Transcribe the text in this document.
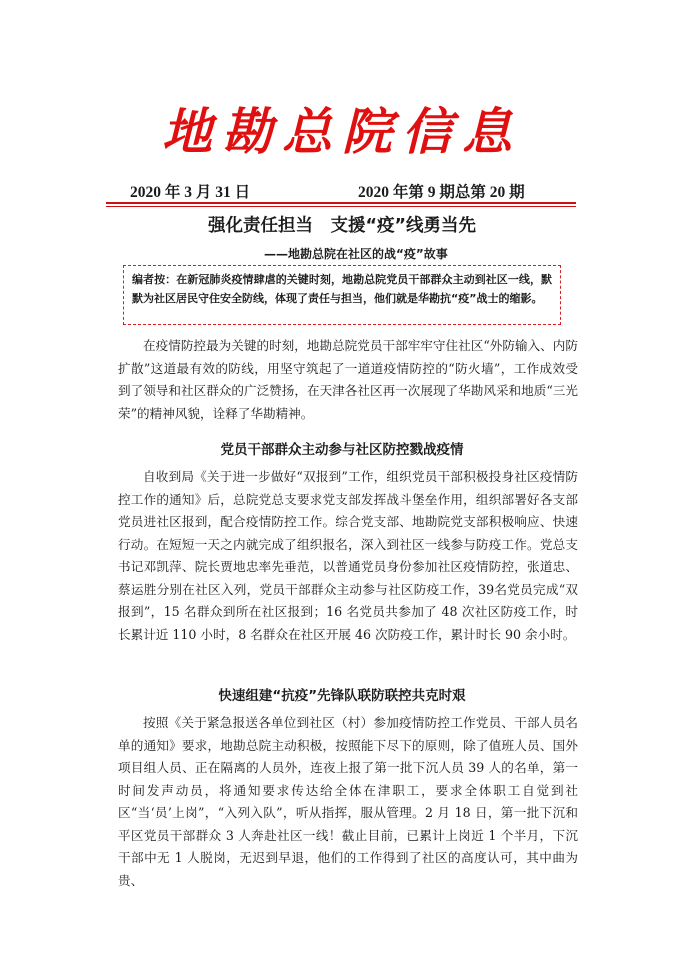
地勘总院信息
2020 年 3 月 31 日	2020 年第 9 期总第 20 期
强化责任担当　支援“疫”线勇当先
——地勘总院在社区的战“疫”故事
编者按：在新冠肺炎疫情肆虐的关键时刻，地勘总院党员干部群众主动到社区一线，默默为社区居民守住安全防线，体现了责任与担当，他们就是华勘抗“疫”战士的缩影。
在疫情防控最为关键的时刻，地勘总院党员干部牢牢守住社区“外防输入、内防扩散”这道最有效的防线，用坚守筑起了一道道疫情防控的“防火墙”，工作成效受到了领导和社区群众的广泛赞扬，在天津各社区再一次展现了华勘风采和地质“三光荣”的精神风貌，诠释了华勘精神。
党员干部群众主动参与社区防控戮战疫情
自收到局《关于进一步做好“双报到”工作，组织党员干部积极投身社区疫情防控工作的通知》后，总院党总支要求党支部发挥战斗堡垒作用，组织部署好各支部党员进社区报到，配合疫情防控工作。综合党支部、地勘院党支部积极响应、快速行动。在短短一天之内就完成了组织报名，深入到社区一线参与防疫工作。党总支书记邓凯萍、院长贾地忠率先垂范，以普通党员身份参加社区疫情防控，张道忠、蔡运胜分别在社区入列，党员干部群众主动参与社区防疫工作，39名党员完成“双报到”，15 名群众到所在社区报到；16 名党员共参加了 48 次社区防疫工作，时长累计近 110 小时，8 名群众在社区开展 46 次防疫工作，累计时长 90 余小时。
快速组建“抗疫”先锋队联防联控共克时艰
按照《关于紧急报送各单位到社区（村）参加疫情防控工作党员、干部人员名单的通知》要求，地勘总院主动积极，按照能下尽下的原则，除了值班人员、国外项目组人员、正在隔离的人员外，连夜上报了第一批下沉人员 39 人的名单，第一时间发声动员，将通知要求传达给全体在津职工，要求全体职工自觉到社区“当‘员’上岗”，“入列入队”，听从指挥，服从管理。2 月 18 日，第一批下沉和平区党员干部群众 3 人奔赴社区一线！截止目前，已累计上岗近 1 个半月，下沉干部中无 1 人脱岗，无迟到早退，他们的工作得到了社区的高度认可，其中曲为贵、
